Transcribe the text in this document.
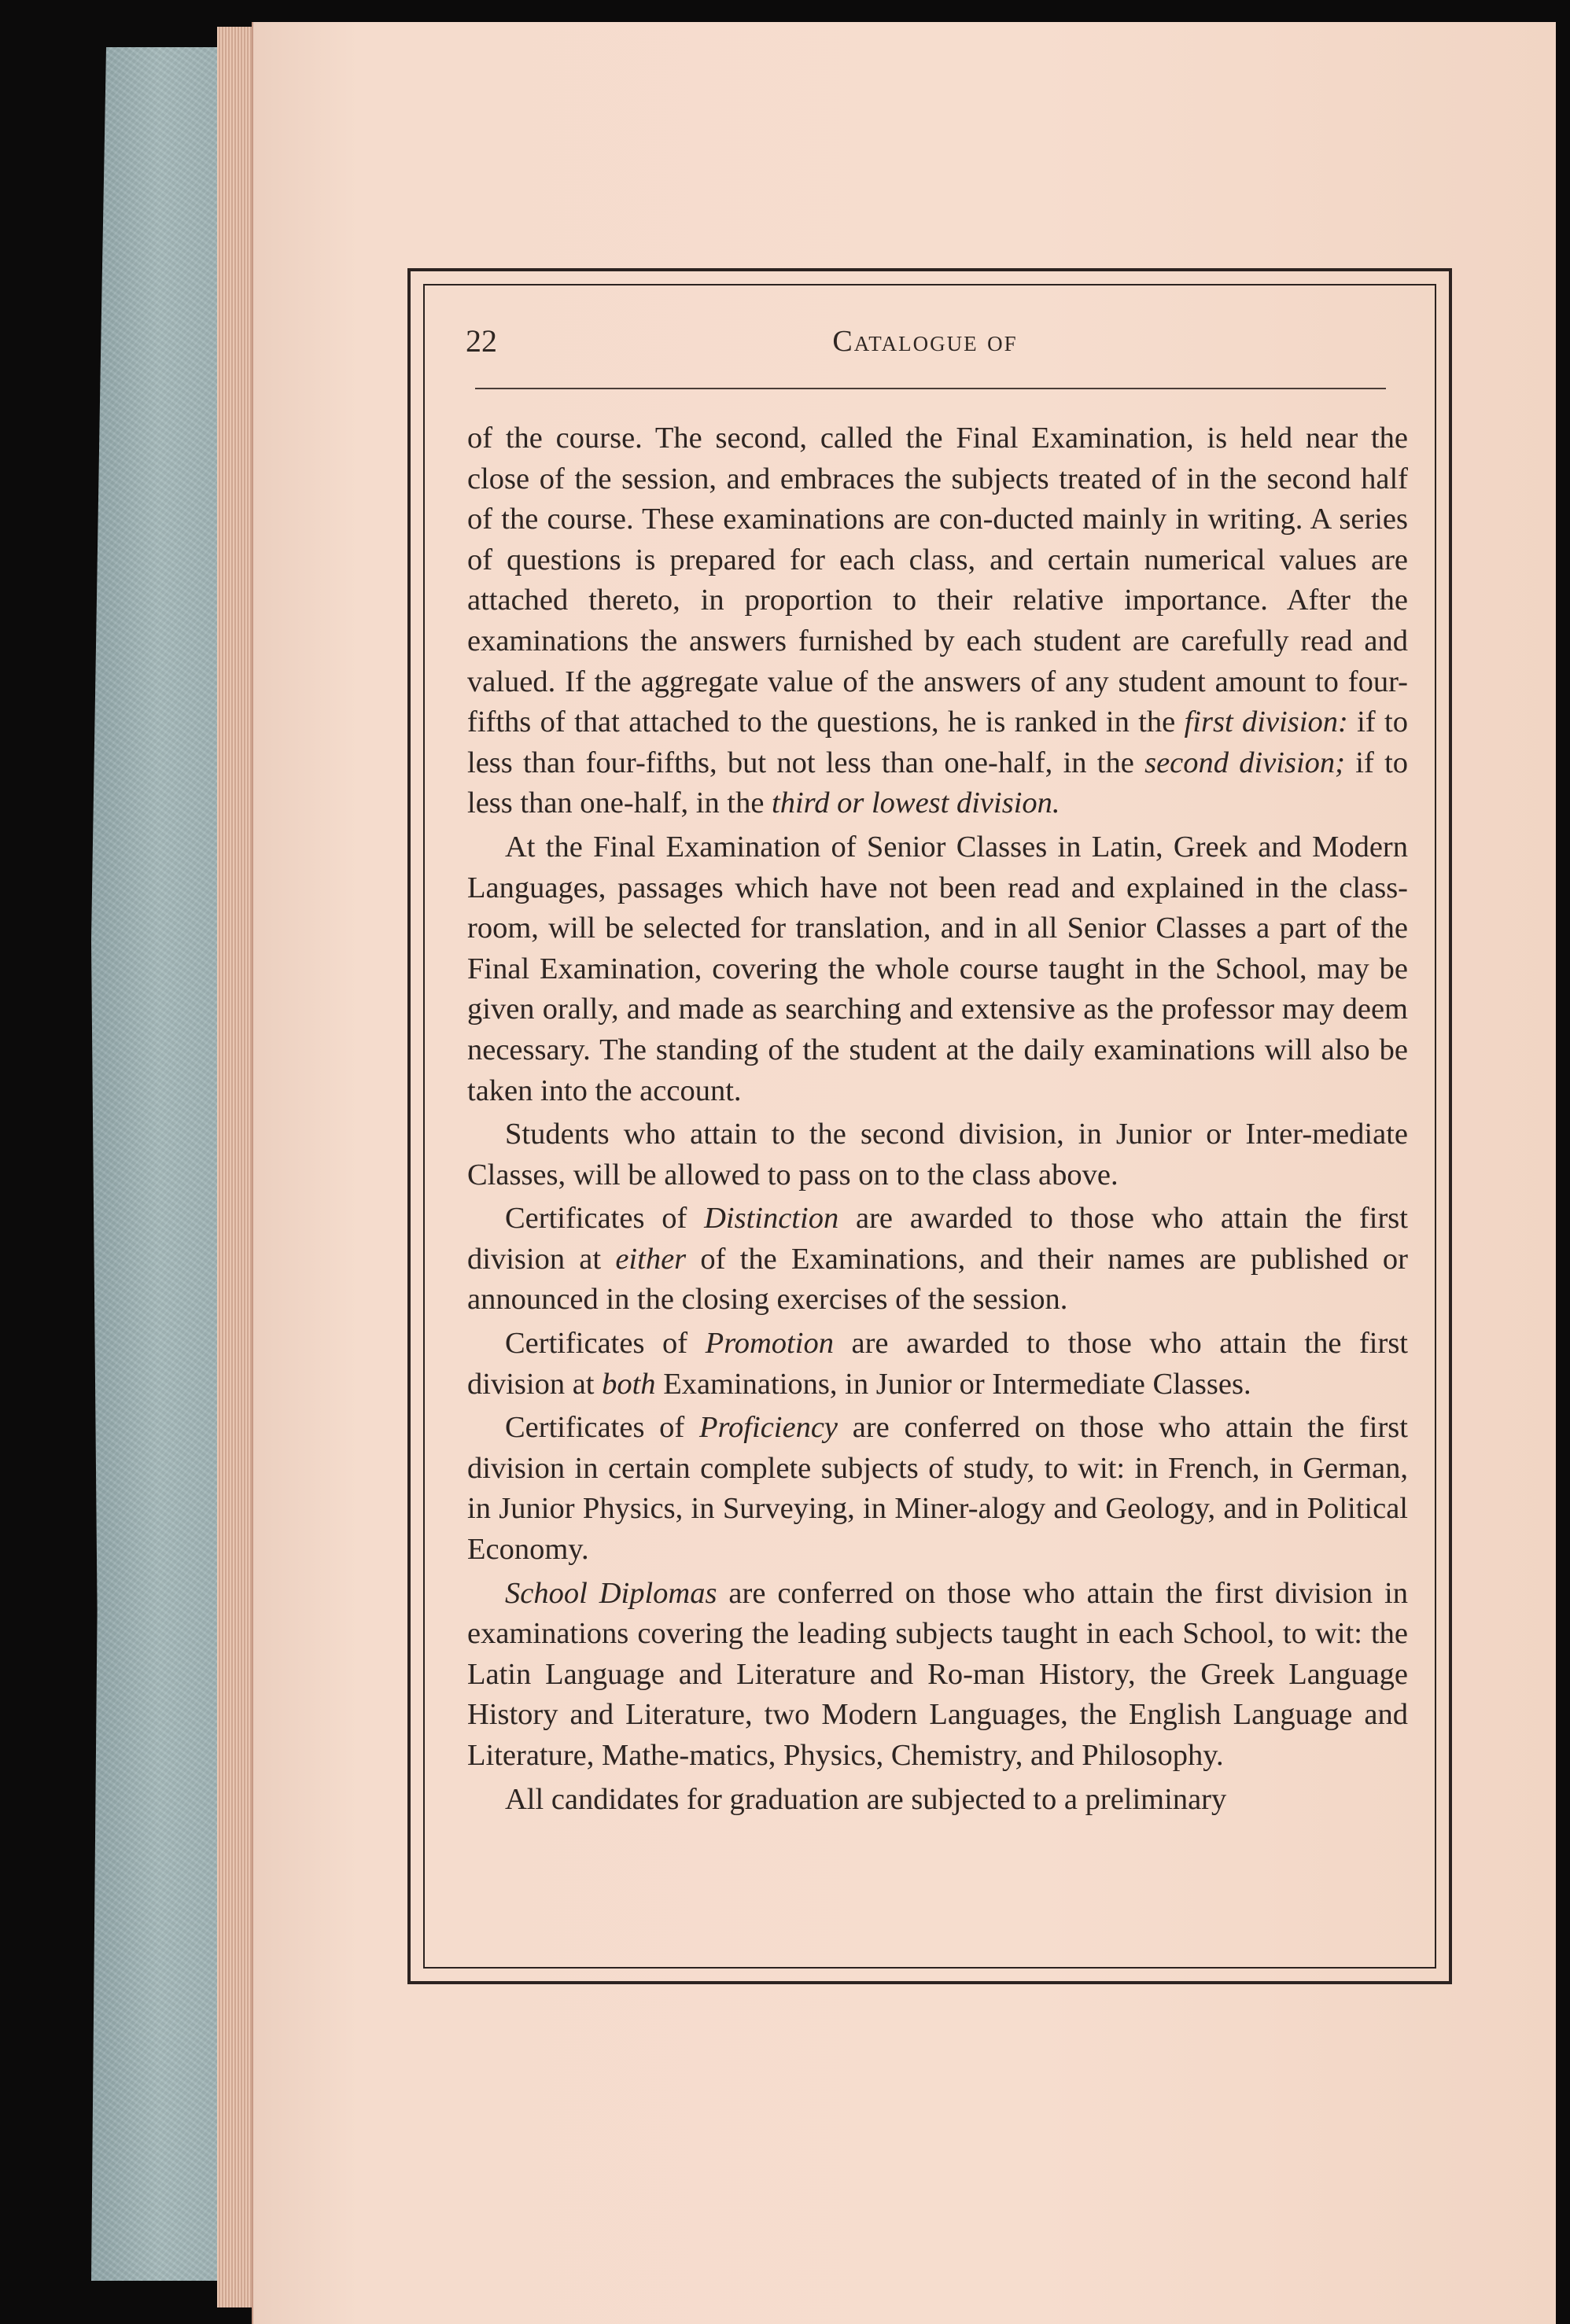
22	Catalogue of

of the course. The second, called the Final Examination, is held near the close of the session, and embraces the subjects treated of in the second half of the course. These examinations are con-ducted mainly in writing. A series of questions is prepared for each class, and certain numerical values are attached thereto, in proportion to their relative importance. After the examinations the answers furnished by each student are carefully read and valued. If the aggregate value of the answers of any student amount to four-fifths of that attached to the questions, he is ranked in the first division: if to less than four-fifths, but not less than one-half, in the second division; if to less than one-half, in the third or lowest division.

At the Final Examination of Senior Classes in Latin, Greek and Modern Languages, passages which have not been read and explained in the class-room, will be selected for translation, and in all Senior Classes a part of the Final Examination, covering the whole course taught in the School, may be given orally, and made as searching and extensive as the professor may deem necessary. The standing of the student at the daily examinations will also be taken into the account.

Students who attain to the second division, in Junior or Inter-mediate Classes, will be allowed to pass on to the class above.

Certificates of Distinction are awarded to those who attain the first division at either of the Examinations, and their names are published or announced in the closing exercises of the session.

Certificates of Promotion are awarded to those who attain the first division at both Examinations, in Junior or Intermediate Classes.

Certificates of Proficiency are conferred on those who attain the first division in certain complete subjects of study, to wit: in French, in German, in Junior Physics, in Surveying, in Miner-alogy and Geology, and in Political Economy.

School Diplomas are conferred on those who attain the first division in examinations covering the leading subjects taught in each School, to wit: the Latin Language and Literature and Ro-man History, the Greek Language History and Literature, two Modern Languages, the English Language and Literature, Mathe-matics, Physics, Chemistry, and Philosophy.

All candidates for graduation are subjected to a preliminary
